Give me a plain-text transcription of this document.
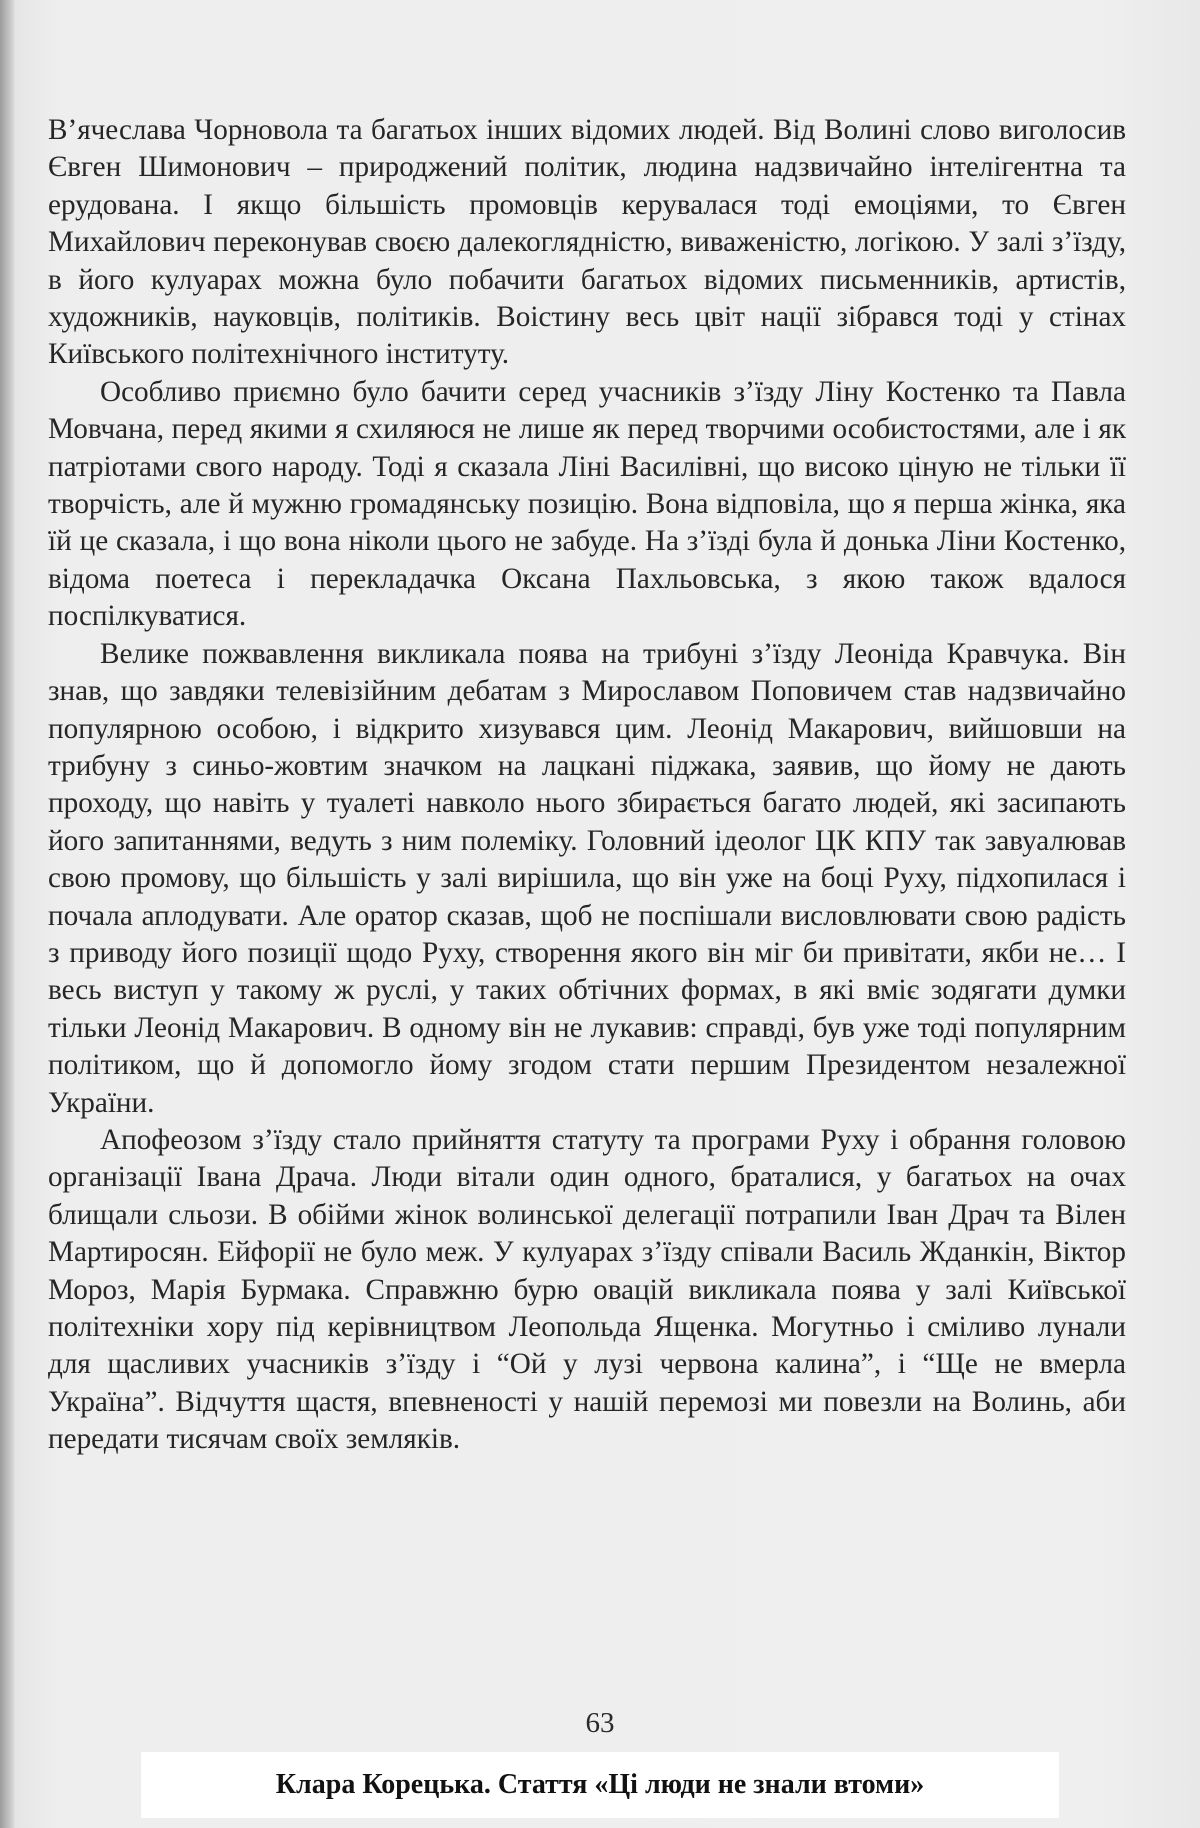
В’ячеслава Чорновола та багатьох інших відомих людей. Від Волині слово виголосив Євген Шимонович – природжений політик, людина надзвичайно інтелігентна та ерудована. І якщо більшість промовців керувалася тоді емоціями, то Євген Михайлович переконував своєю далекоглядністю, виваженістю, логікою. У залі з’їзду, в його кулуарах можна було побачити багатьох відомих письменників, артистів, художників, науковців, політиків. Воістину весь цвіт нації зібрався тоді у стінах Київського політехнічного інституту.

Особливо приємно було бачити серед учасників з’їзду Ліну Костенко та Павла Мовчана, перед якими я схиляюся не лише як перед творчими особистостями, але і як патріотами свого народу. Тоді я сказала Ліні Василівні, що високо ціную не тільки її творчість, але й мужню громадянську позицію. Вона відповіла, що я перша жінка, яка їй це сказала, і що вона ніколи цього не забуде. На з’їзді була й донька Ліни Костенко, відома поетеса і перекладачка Оксана Пахльовська, з якою також вдалося поспілкуватися.

Велике пожвавлення викликала поява на трибуні з’їзду Леоніда Кравчука. Він знав, що завдяки телевізійним дебатам з Мирославом Поповичем став надзвичайно популярною особою, і відкрито хизувався цим. Леонід Макарович, вийшовши на трибуну з синьо-жовтим значком на лацкані піджака, заявив, що йому не дають проходу, що навіть у туалеті навколо нього збирається багато людей, які засипають його запитаннями, ведуть з ним полеміку. Головний ідеолог ЦК КПУ так завуалював свою промову, що більшість у залі вирішила, що він уже на боці Руху, підхопилася і почала аплодувати. Але оратор сказав, щоб не поспішали висловлювати свою радість з приводу його позиції щодо Руху, створення якого він міг би привітати, якби не… І весь виступ у такому ж руслі, у таких обтічних формах, в які вміє зодягати думки тільки Леонід Макарович. В одному він не лукавив: справді, був уже тоді популярним політиком, що й допомогло йому згодом стати першим Президентом незалежної України.

Апофеозом з’їзду стало прийняття статуту та програми Руху і обрання головою організації Івана Драча. Люди вітали один одного, браталися, у багатьох на очах блищали сльози. В обійми жінок волинської делегації потрапили Іван Драч та Вілен Мартиросян. Ейфорії не було меж. У кулуарах з’їзду співали Василь Жданкін, Віктор Мороз, Марія Бурмака. Справжню бурю овацій викликала поява у залі Київської політехніки хору під керівництвом Леопольда Ященка. Могутньо і сміливо лунали для щасливих учасників з’їзду і “Ой у лузі червона калина”, і “Ще не вмерла Україна”. Відчуття щастя, впевненості у нашій перемозі ми повезли на Волинь, аби передати тисячам своїх земляків.

63
Клара Корецька. Стаття «Ці люди не знали втоми»
